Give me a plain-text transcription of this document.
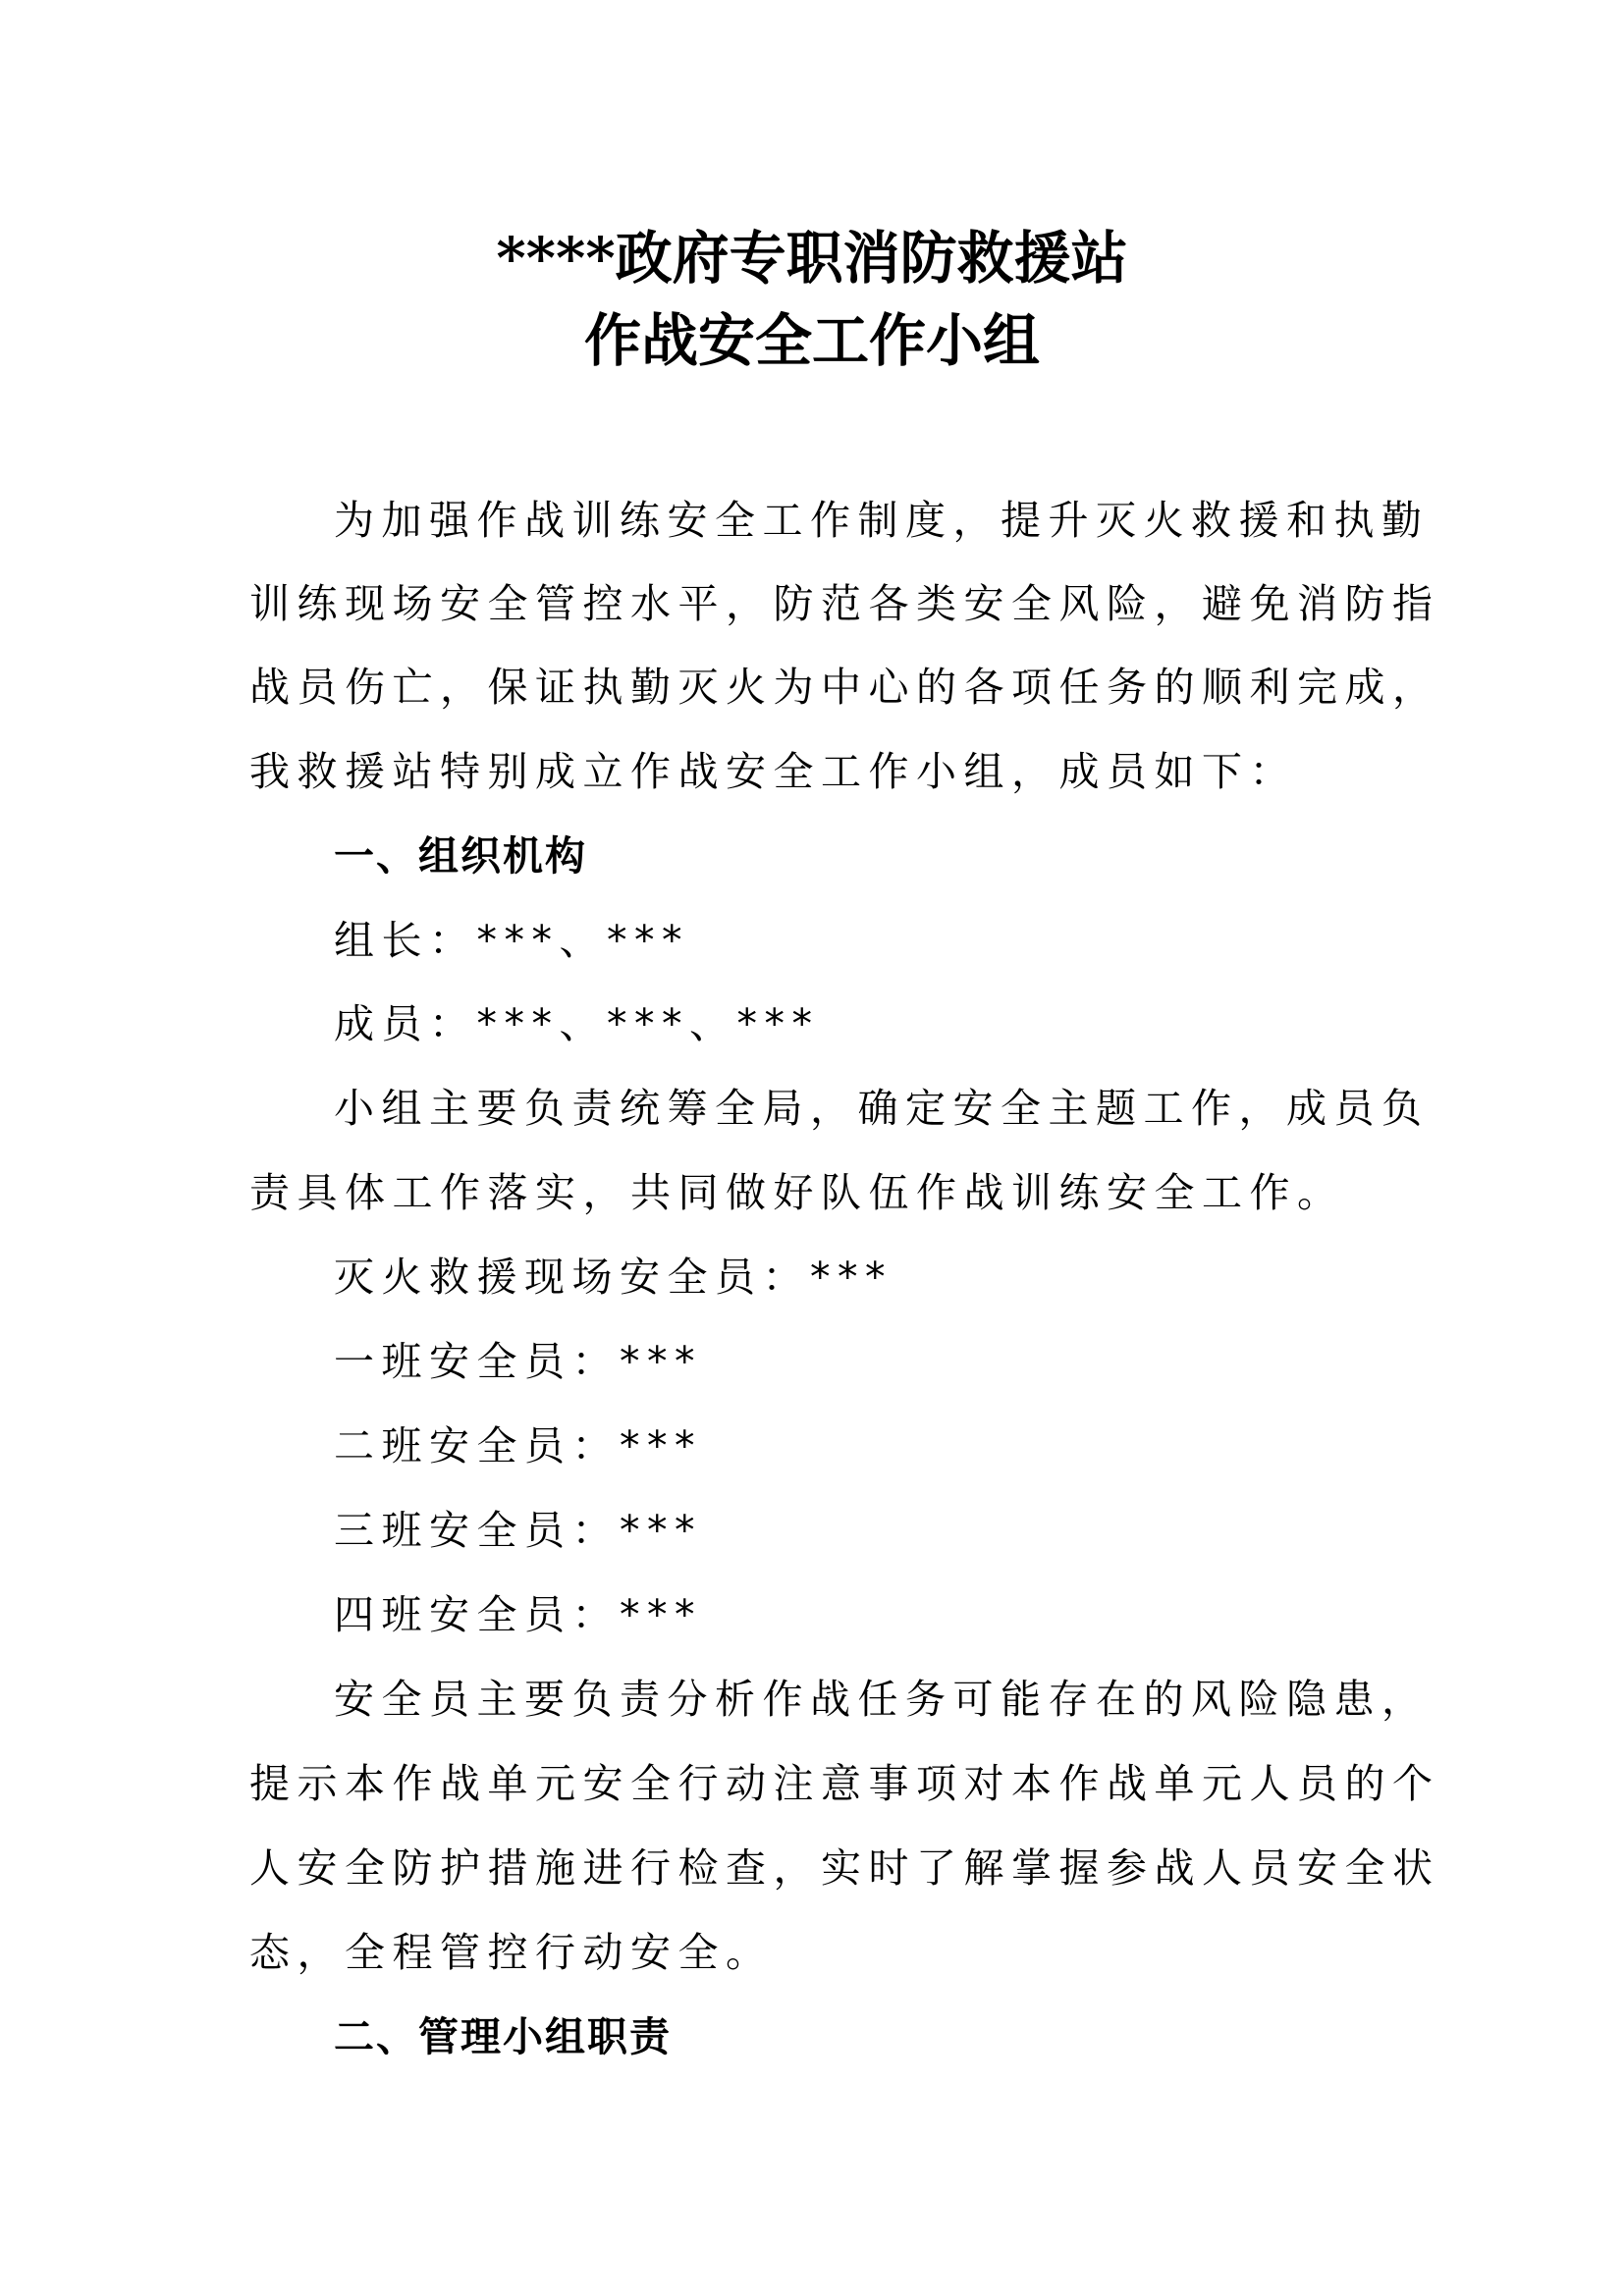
****政府专职消防救援站
作战安全工作小组
为加强作战训练安全工作制度，提升灭火救援和执勤
训练现场安全管控水平，防范各类安全风险，避免消防指
战员伤亡，保证执勤灭火为中心的各项任务的顺利完成，
我救援站特别成立作战安全工作小组，成员如下：
一、组织机构
组长：***、***
成员：***、***、***
小组主要负责统筹全局，确定安全主题工作，成员负
责具体工作落实，共同做好队伍作战训练安全工作。
灭火救援现场安全员：***
一班安全员：***
二班安全员：***
三班安全员：***
四班安全员：***
安全员主要负责分析作战任务可能存在的风险隐患，
提示本作战单元安全行动注意事项对本作战单元人员的个
人安全防护措施进行检查，实时了解掌握参战人员安全状
态，全程管控行动安全。
二、管理小组职责
